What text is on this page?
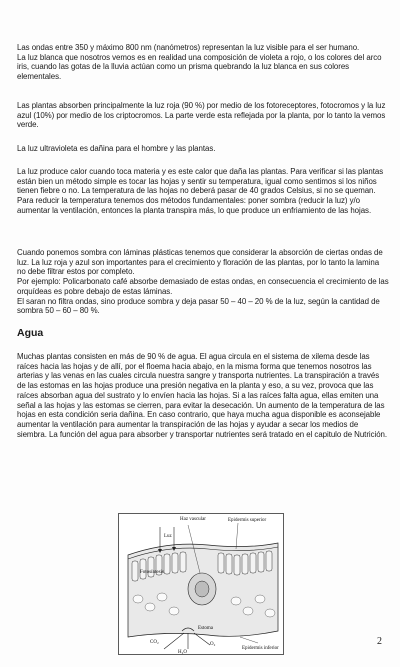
Las ondas entre 350 y máximo 800 nm (nanómetros) representan la luz visible para el ser humano.
La luz blanca que nosotros vemos es en realidad una composición de violeta a rojo, o los colores del arco iris, cuando las gotas de la lluvia actúan como un prisma quebrando la luz blanca en sus colores elementales.

Las plantas absorben principalmente la luz roja (90 %) por medio de los fotoreceptores, fotocromos y la luz azul (10%) por medio de los criptocromos. La parte verde esta reflejada por la planta, por lo tanto la vemos verde.

La luz ultravioleta es dañina para el hombre y las plantas.

La luz produce calor cuando toca materia y es este calor que daña las plantas. Para verificar si las plantas están bien un método simple es tocar las hojas y sentir su temperatura, igual como sentimos si los niños tienen fiebre o no. La temperatura de las hojas no deberá pasar de 40 grados Celsius, si no se queman. Para reducir la temperatura tenemos dos métodos fundamentales: poner sombra (reducir la luz) y/o aumentar la ventilación, entonces la planta transpira más, lo que produce un enfriamiento de las hojas.

Cuando ponemos sombra con láminas plásticas tenemos que considerar la absorción de ciertas ondas de luz. La luz roja y azul son importantes para el crecimiento y floración de las plantas, por lo tanto la lamina no debe filtrar estos por completo.
Por ejemplo: Policarbonato café absorbe demasiado de estas ondas, en consecuencia el crecimiento de las orquídeas es pobre debajo de estas láminas.
El saran no filtra ondas, sino produce sombra y deja pasar 50 – 40 – 20 % de la luz, según la cantidad de sombra 50 – 60 – 80 %.

Agua

Muchas plantas consisten en más de 90 % de agua. El agua circula en el sistema de xilema desde las raíces hacia las hojas y de allí, por el floema hacia abajo, en la misma forma que tenemos nosotros las arterias y las venas en las cuales circula nuestra sangre y transporta nutrientes. La transpiración a través de las estomas en las hojas produce una presión negativa en la planta y eso, a su vez, provoca que las raíces absorban agua del sustrato y lo envíen hacia las hojas. Si a las raíces falta agua, ellas emiten una señal a las hojas y las estomas se cierren, para evitar la desecación. Un aumento de la temperatura de las hojas en esta condición seria dañina. En caso contrario, que haya mucha agua disponible es aconsejable aumentar la ventilación para aumentar la transpiración de las hojas y ayudar a secar los medios de siembra. La función del agua para absorber y transportar nutrientes será tratado en el capitulo de Nutrición.

Haz vascular
Luz
Epidermis superior
Fotosíntesis
Estoma
CO₂
H₂O
O₂
Epidermis inferior
2
